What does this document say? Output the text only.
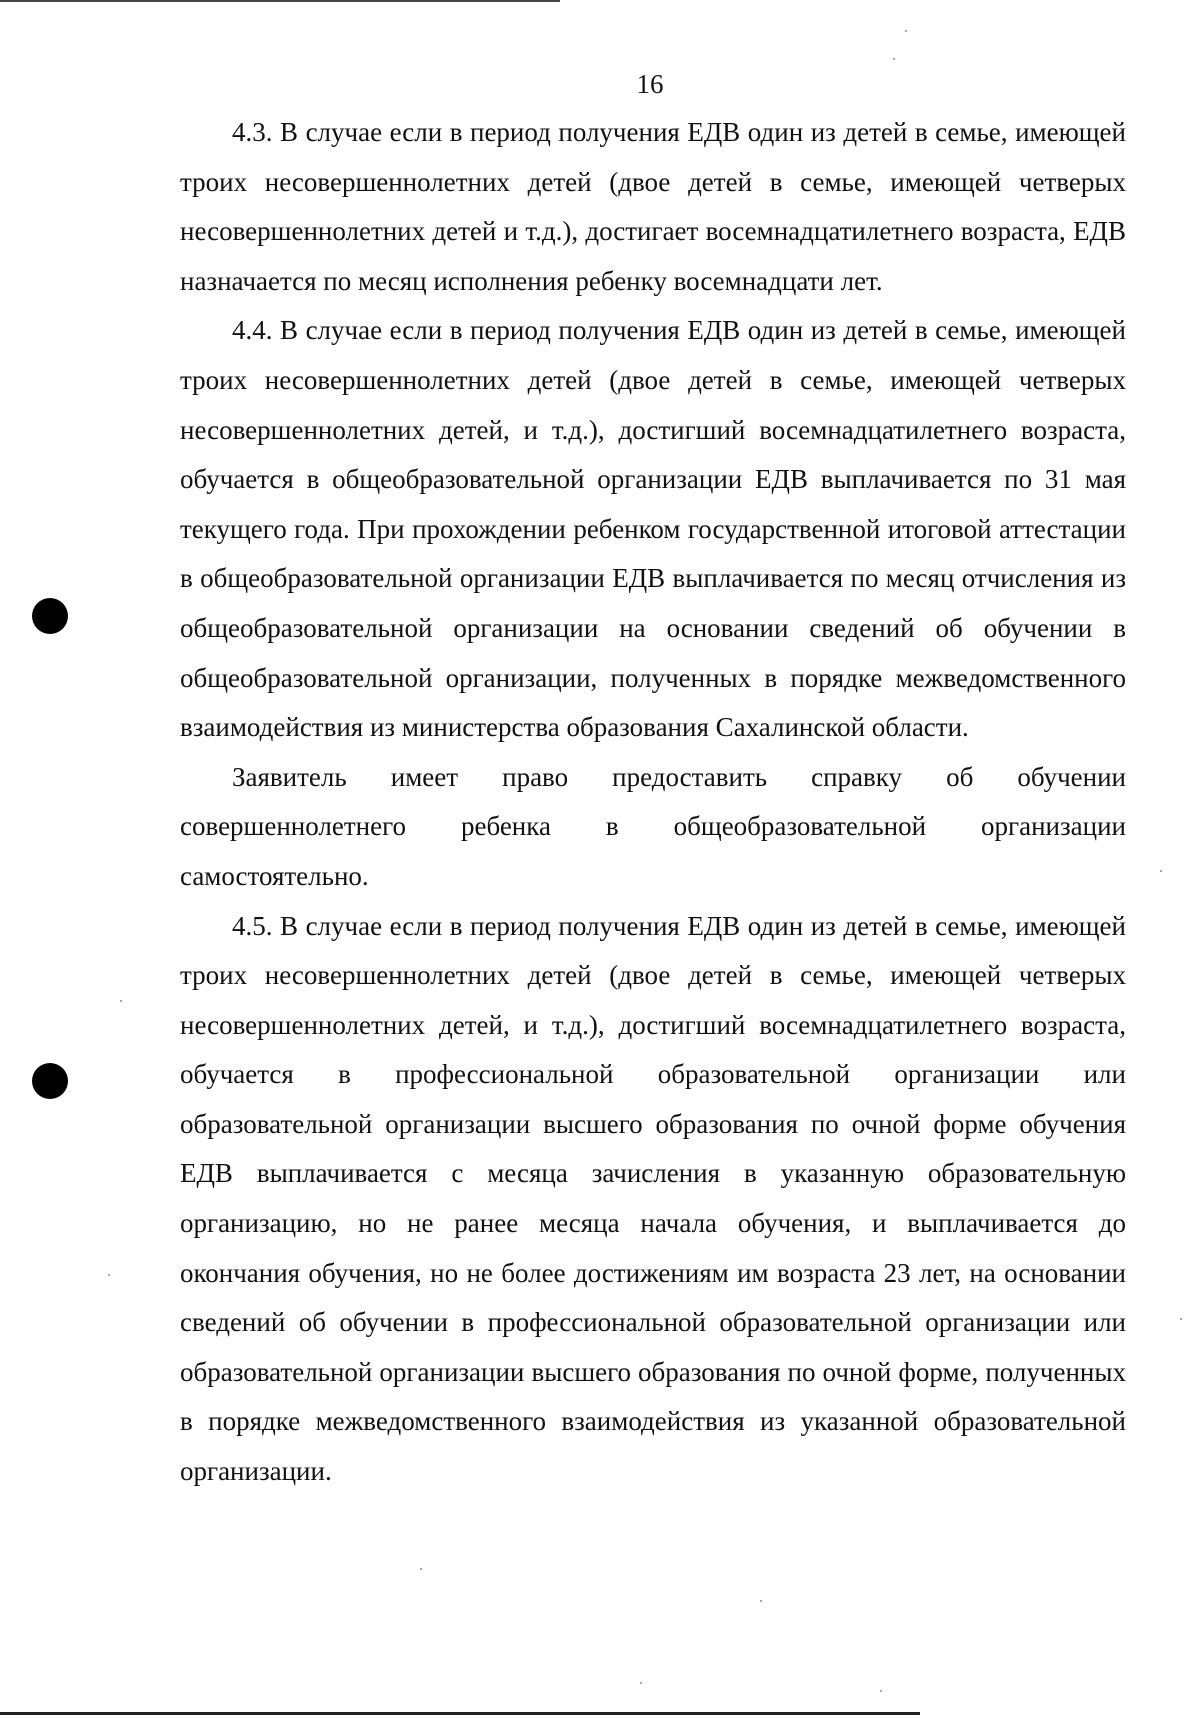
16

4.3. В случае если в период получения ЕДВ один из детей в семье, имеющей троих несовершеннолетних детей (двое детей в семье, имеющей четверых несовершеннолетних детей и т.д.), достигает восемнадцатилетнего возраста, ЕДВ назначается по месяц исполнения ребенку восемнадцати лет.

4.4. В случае если в период получения ЕДВ один из детей в семье, имеющей троих несовершеннолетних детей (двое детей в семье, имеющей четверых несовершеннолетних детей, и т.д.), достигший восемнадцатилетнего возраста, обучается в общеобразовательной организации ЕДВ выплачивается по 31 мая текущего года. При прохождении ребенком государственной итоговой аттестации в общеобразовательной организации ЕДВ выплачивается по месяц отчисления из общеобразовательной организации на основании сведений об обучении в общеобразовательной организации, полученных в порядке межведомственного взаимодействия из министерства образования Сахалинской области.

Заявитель имеет право предоставить справку об обучении совершеннолетнего ребенка в общеобразовательной организации самостоятельно.

4.5. В случае если в период получения ЕДВ один из детей в семье, имеющей троих несовершеннолетних детей (двое детей в семье, имеющей четверых несовершеннолетних детей, и т.д.), достигший восемнадцатилетнего возраста, обучается в профессиональной образовательной организации или образовательной организации высшего образования по очной форме обучения ЕДВ выплачивается с месяца зачисления в указанную образовательную организацию, но не ранее месяца начала обучения, и выплачивается до окончания обучения, но не более достижениям им возраста 23 лет, на основании сведений об обучении в профессиональной образовательной организации или образовательной организации высшего образования по очной форме, полученных в порядке межведомственного взаимодействия из указанной образовательной организации.
